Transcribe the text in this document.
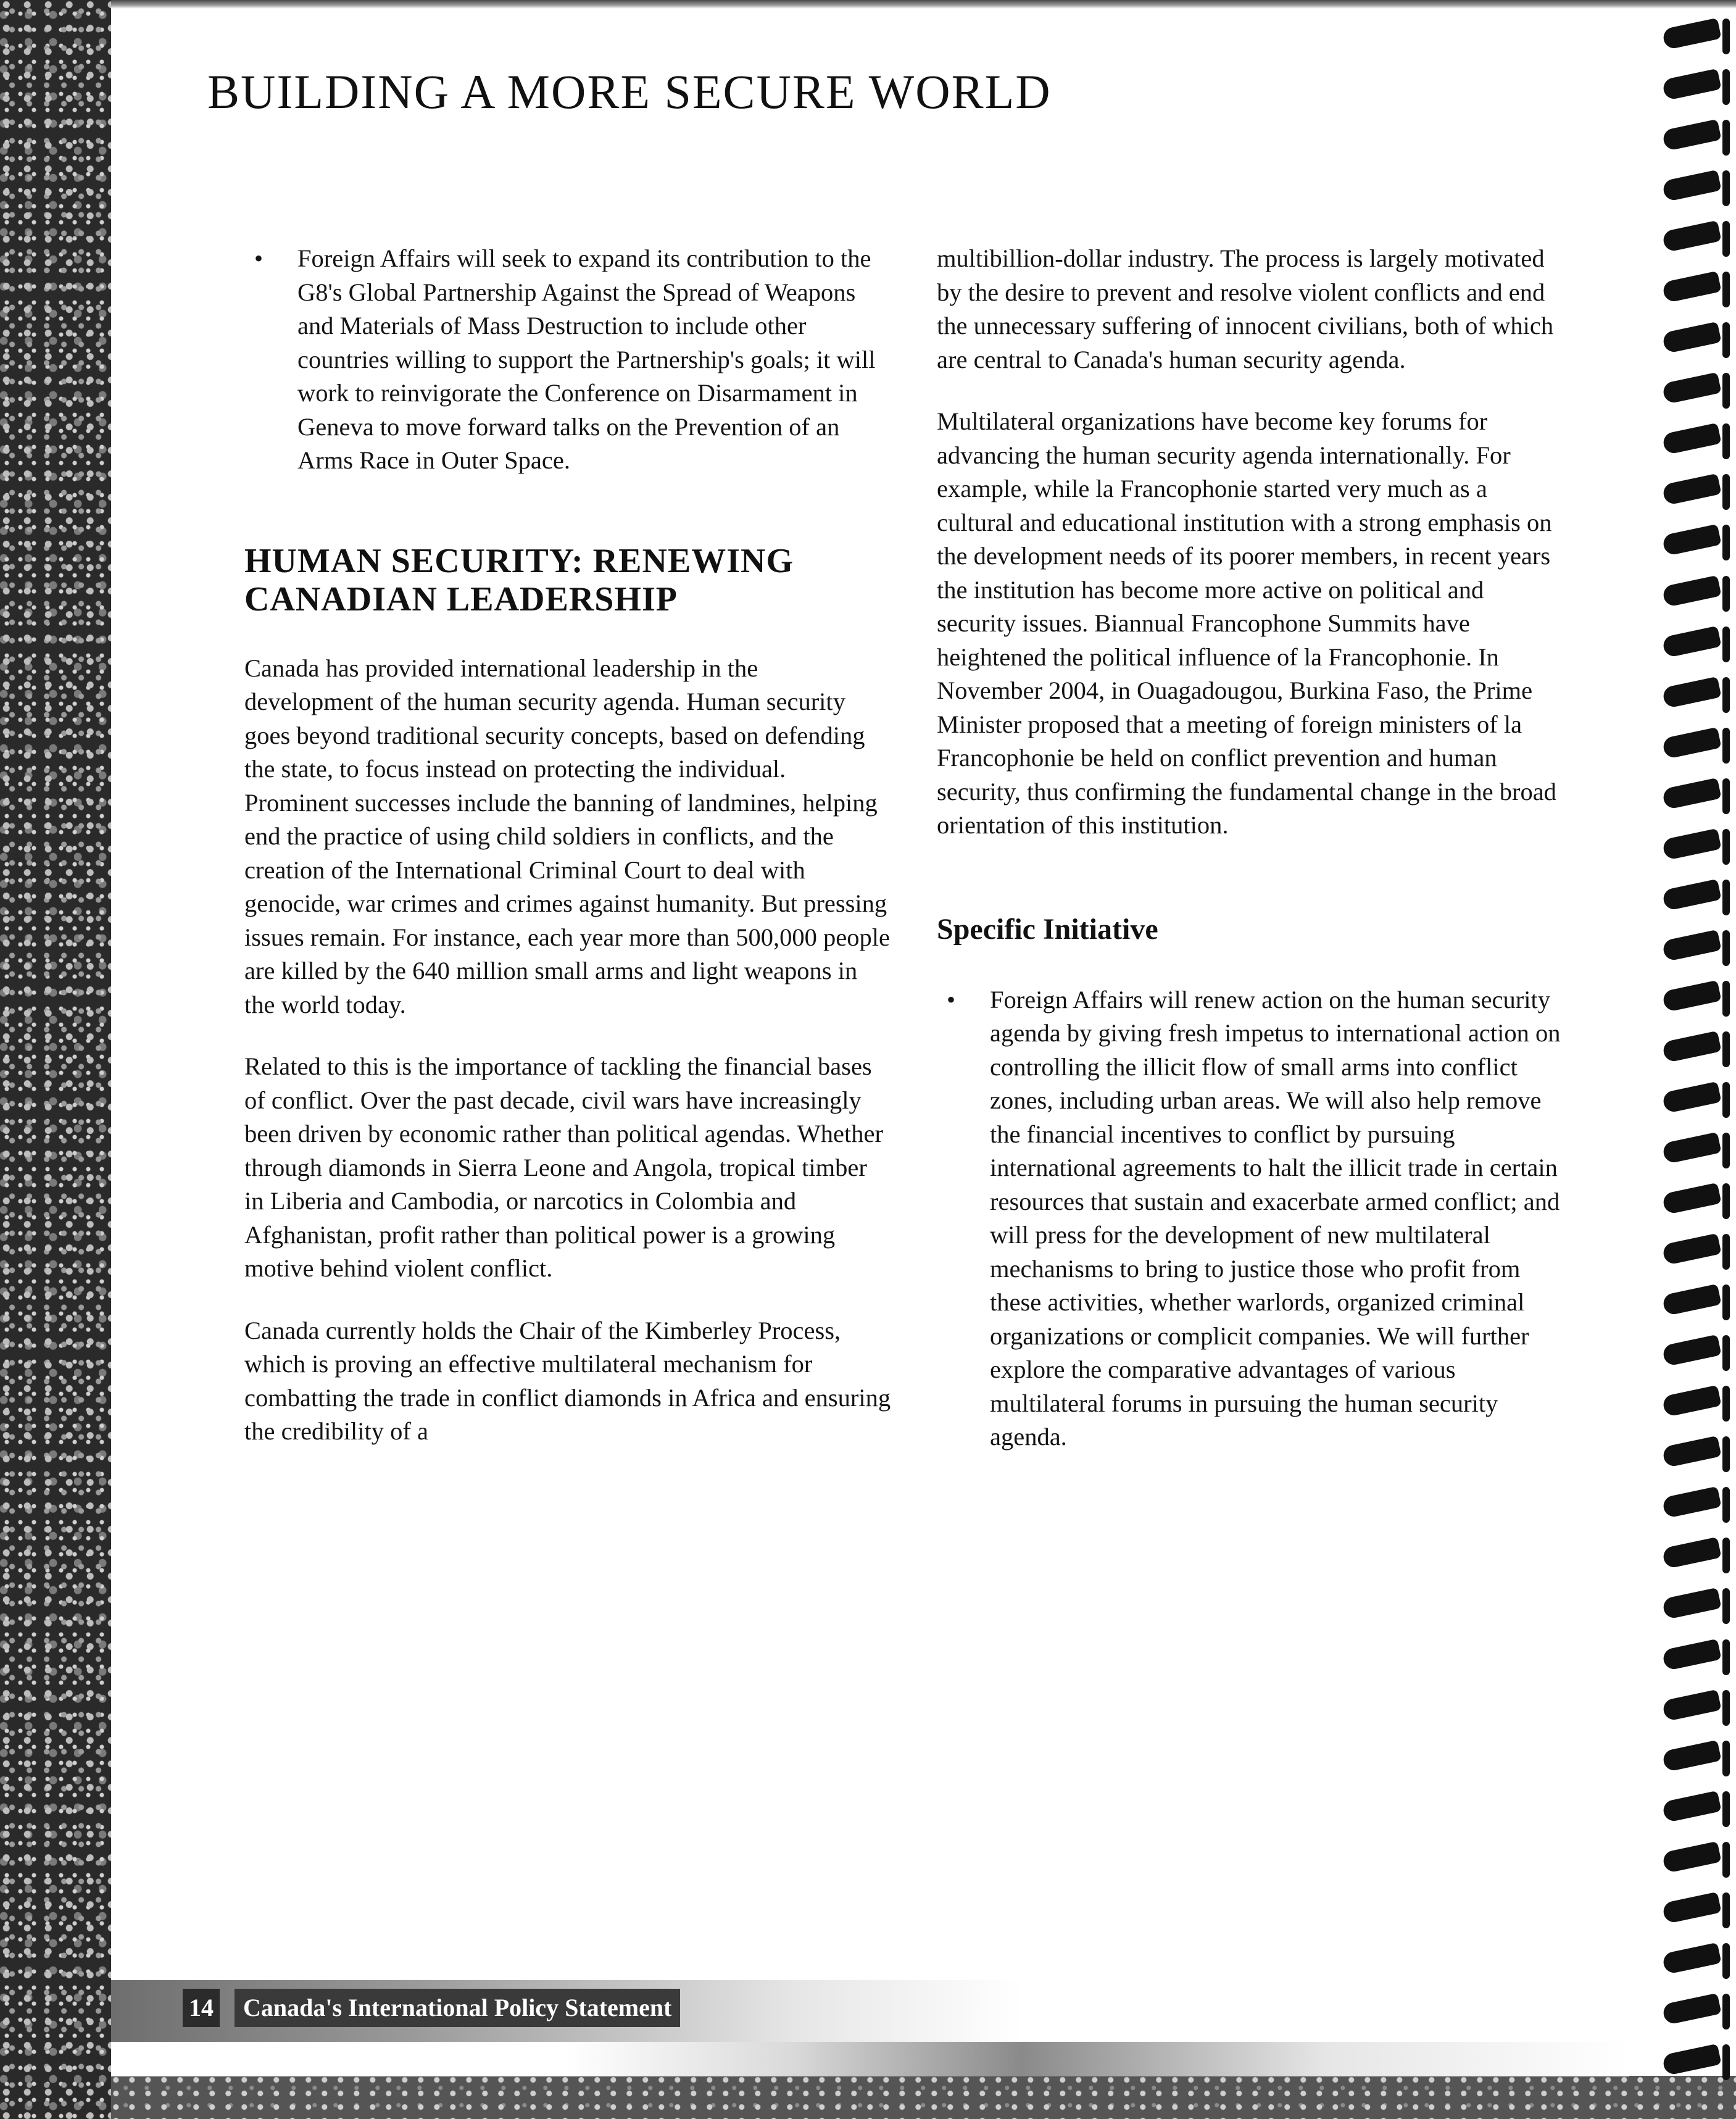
BUILDING A MORE SECURE WORLD

• Foreign Affairs will seek to expand its contribution to the G8's Global Partnership Against the Spread of Weapons and Materials of Mass Destruction to include other countries willing to support the Partnership's goals; it will work to reinvigorate the Conference on Disarmament in Geneva to move forward talks on the Prevention of an Arms Race in Outer Space.

HUMAN SECURITY: RENEWING CANADIAN LEADERSHIP

Canada has provided international leadership in the development of the human security agenda. Human security goes beyond traditional security concepts, based on defending the state, to focus instead on protecting the individual. Prominent successes include the banning of landmines, helping end the practice of using child soldiers in conflicts, and the creation of the International Criminal Court to deal with genocide, war crimes and crimes against humanity. But pressing issues remain. For instance, each year more than 500,000 people are killed by the 640 million small arms and light weapons in the world today.

Related to this is the importance of tackling the financial bases of conflict. Over the past decade, civil wars have increasingly been driven by economic rather than political agendas. Whether through diamonds in Sierra Leone and Angola, tropical timber in Liberia and Cambodia, or narcotics in Colombia and Afghanistan, profit rather than political power is a growing motive behind violent conflict.

Canada currently holds the Chair of the Kimberley Process, which is proving an effective multilateral mechanism for combatting the trade in conflict diamonds in Africa and ensuring the credibility of a

multibillion-dollar industry. The process is largely motivated by the desire to prevent and resolve violent conflicts and end the unnecessary suffering of innocent civilians, both of which are central to Canada's human security agenda.

Multilateral organizations have become key forums for advancing the human security agenda internationally. For example, while la Francophonie started very much as a cultural and educational institution with a strong emphasis on the development needs of its poorer members, in recent years the institution has become more active on political and security issues. Biannual Francophone Summits have heightened the political influence of la Francophonie. In November 2004, in Ouagadougou, Burkina Faso, the Prime Minister proposed that a meeting of foreign ministers of la Francophonie be held on conflict prevention and human security, thus confirming the fundamental change in the broad orientation of this institution.

Specific Initiative

• Foreign Affairs will renew action on the human security agenda by giving fresh impetus to international action on controlling the illicit flow of small arms into conflict zones, including urban areas. We will also help remove the financial incentives to conflict by pursuing international agreements to halt the illicit trade in certain resources that sustain and exacerbate armed conflict; and will press for the development of new multilateral mechanisms to bring to justice those who profit from these activities, whether warlords, organized criminal organizations or complicit companies. We will further explore the comparative advantages of various multilateral forums in pursuing the human security agenda.

14	Canada's International Policy Statement
